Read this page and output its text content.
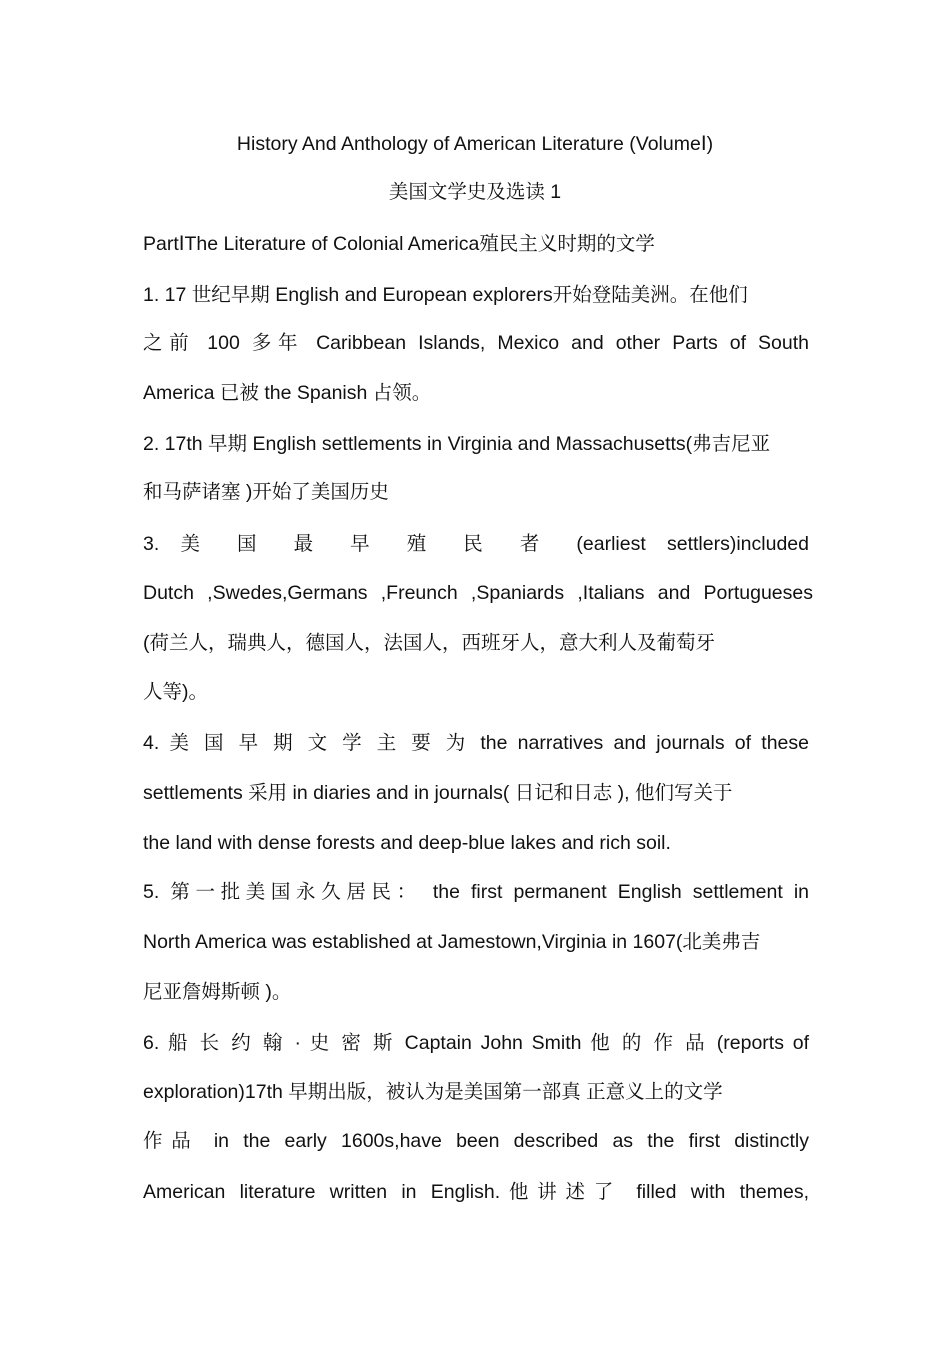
History And Anthology of American Literature (VolumeⅠ)
美国文学史及选读 1
PartⅠThe Literature of Colonial America殖民主义时期的文学
1. 17 世纪早期 English and European explorers开始登陆美洲。在他们
之前 100 多年 Caribbean Islands, Mexico and other Parts of South
America 已被 the Spanish 占领。
2. 17th 早期 English settlements in Virginia and Massachusetts(弗吉尼亚
和马萨诸塞 )开始了美国历史
3. 美 国 最 早 殖 民 者 (earliest settlers)included
Dutch ,Swedes,Germans ,Freunch ,Spaniards ,Italians and Portugueses
(荷兰人，瑞典人，德国人，法国人，西班牙人，意大利人及葡萄牙
人等)。
4. 美 国 早 期 文 学 主 要 为 the narratives and journals of these
settlements 采用 in diaries and in journals( 日记和日志 ), 他们写关于
the land with dense forests and deep-blue lakes and rich soil.
5. 第一批美国永久居民： the first permanent English settlement in
North America was established at Jamestown,Virginia in 1607(北美弗吉
尼亚詹姆斯顿 )。
6. 船 长 约 翰 · 史 密 斯 Captain John Smith 他 的 作 品 (reports of
exploration)17th 早期出版，被认为是美国第一部真 正意义上的文学
作品 in the early 1600s,have been described as the first distinctly
American literature written in English.他讲述了 filled with themes,
